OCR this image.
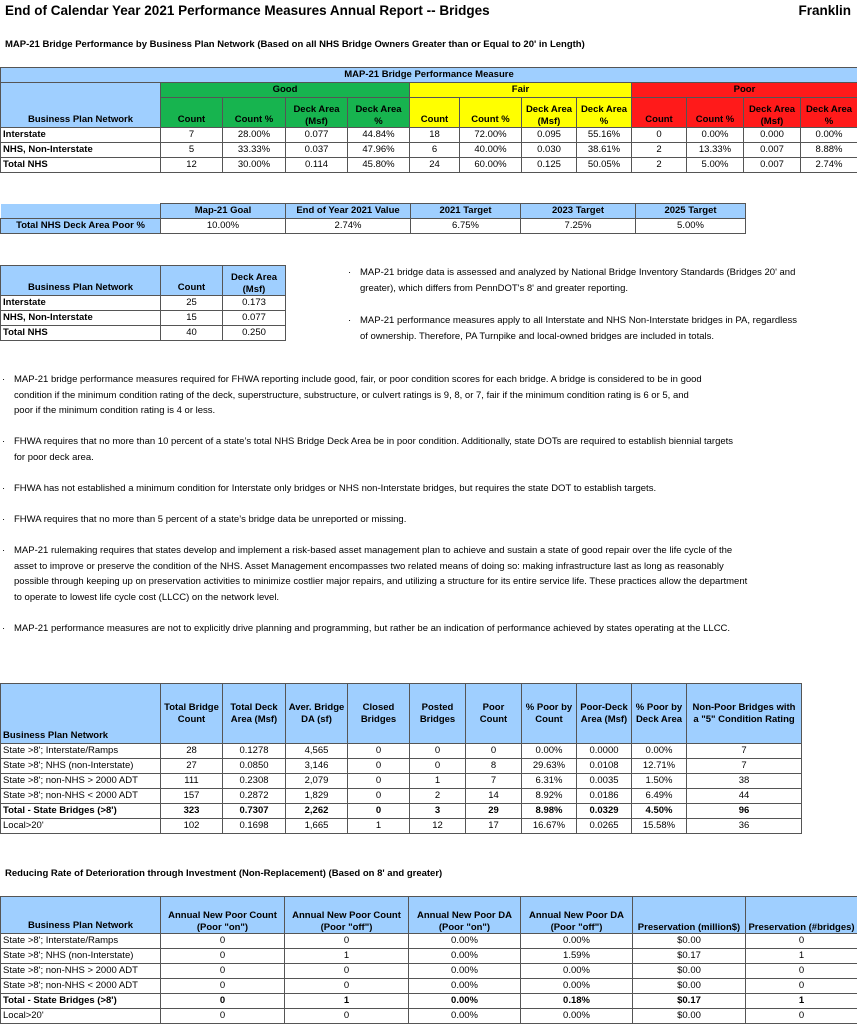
End of Calendar Year 2021 Performance Measures Annual Report -- Bridges	Franklin
MAP-21 Bridge Performance by Business Plan Network (Based on all NHS Bridge Owners Greater than or Equal to 20' in Length)
MAP-21 Bridge Performance Measure												
Business Plan Network	Good				Fair				Poor			
	Count	Count %	Deck Area (Msf)	Deck Area %	Count	Count %	Deck Area (Msf)	Deck Area %	Count	Count %	Deck Area (Msf)	Deck Area %
Interstate	7	28.00%	0.077	44.84%	18	72.00%	0.095	55.16%	0	0.00%	0.000	0.00%
NHS, Non-Interstate	5	33.33%	0.037	47.96%	6	40.00%	0.030	38.61%	2	13.33%	0.007	8.88%
Total NHS	12	30.00%	0.114	45.80%	24	60.00%	0.125	50.05%	2	5.00%	0.007	2.74%
	Map-21 Goal	End of Year 2021 Value	2021 Target	2023 Target	2025 Target
Total NHS Deck Area Poor %	10.00%	2.74%	6.75%	7.25%	5.00%
Business Plan Network	Count	Deck Area (Msf)
Interstate	25	0.173
NHS, Non-Interstate	15	0.077
Total NHS	40	0.250
· MAP-21 bridge data is assessed and analyzed by National Bridge Inventory Standards (Bridges 20' and greater), which differs from PennDOT's 8' and greater reporting.
· MAP-21 performance measures apply to all Interstate and NHS Non-Interstate bridges in PA, regardless of ownership. Therefore, PA Turnpike and local-owned bridges are included in totals.
· MAP-21 bridge performance measures required for FHWA reporting include good, fair, or poor condition scores for each bridge. A bridge is considered to be in good condition if the minimum condition rating of the deck, superstructure, substructure, or culvert ratings is 9, 8, or 7, fair if the minimum condition rating is 6 or 5, and poor if the minimum condition rating is 4 or less.
· FHWA requires that no more than 10 percent of a state’s total NHS Bridge Deck Area be in poor condition. Additionally, state DOTs are required to establish biennial targets for poor deck area.
· FHWA has not established a minimum condition for Interstate only bridges or NHS non-Interstate bridges, but requires the state DOT to establish targets.
· FHWA requires that no more than 5 percent of a state’s bridge data be unreported or missing.
· MAP-21 rulemaking requires that states develop and implement a risk-based asset management plan to achieve and sustain a state of good repair over the life cycle of the asset to improve or preserve the condition of the NHS. Asset Management encompasses two related means of doing so: making infrastructure last as long as reasonably possible through keeping up on preservation activities to minimize costlier major repairs, and utilizing a structure for its entire service life. These practices allow the department to operate to lowest life cycle cost (LLCC) on the network level.
· MAP-21 performance measures are not to explicitly drive planning and programming, but rather be an indication of performance achieved by states operating at the LLCC.
Business Plan Network	Total Bridge Count	Total Deck Area (Msf)	Aver. Bridge DA (sf)	Closed Bridges	Posted Bridges	Poor Count	% Poor by Count	Poor-Deck Area (Msf)	% Poor by Deck Area	Non-Poor Bridges with a "5" Condition Rating
State >8'; Interstate/Ramps	28	0.1278	4,565	0	0	0	0.00%	0.0000	0.00%	7
State >8'; NHS (non-Interstate)	27	0.0850	3,146	0	0	8	29.63%	0.0108	12.71%	7
State >8'; non-NHS > 2000 ADT	111	0.2308	2,079	0	1	7	6.31%	0.0035	1.50%	38
State >8'; non-NHS < 2000 ADT	157	0.2872	1,829	0	2	14	8.92%	0.0186	6.49%	44
Total - State Bridges (>8')	323	0.7307	2,262	0	3	29	8.98%	0.0329	4.50%	96
Local>20'	102	0.1698	1,665	1	12	17	16.67%	0.0265	15.58%	36
Reducing Rate of Deterioration through Investment (Non-Replacement) (Based on 8' and greater)
Business Plan Network	Annual New Poor Count (Poor "on")	Annual New Poor Count (Poor "off")	Annual New Poor DA (Poor "on")	Annual New Poor DA (Poor "off")	Preservation (million$)	Preservation (#bridges)
State >8'; Interstate/Ramps	0	0	0.00%	0.00%	$0.00	0
State >8'; NHS (non-Interstate)	0	1	0.00%	1.59%	$0.17	1
State >8'; non-NHS > 2000 ADT	0	0	0.00%	0.00%	$0.00	0
State >8'; non-NHS < 2000 ADT	0	0	0.00%	0.00%	$0.00	0
Total - State Bridges (>8')	0	1	0.00%	0.18%	$0.17	1
Local>20'	0	0	0.00%	0.00%	$0.00	0
